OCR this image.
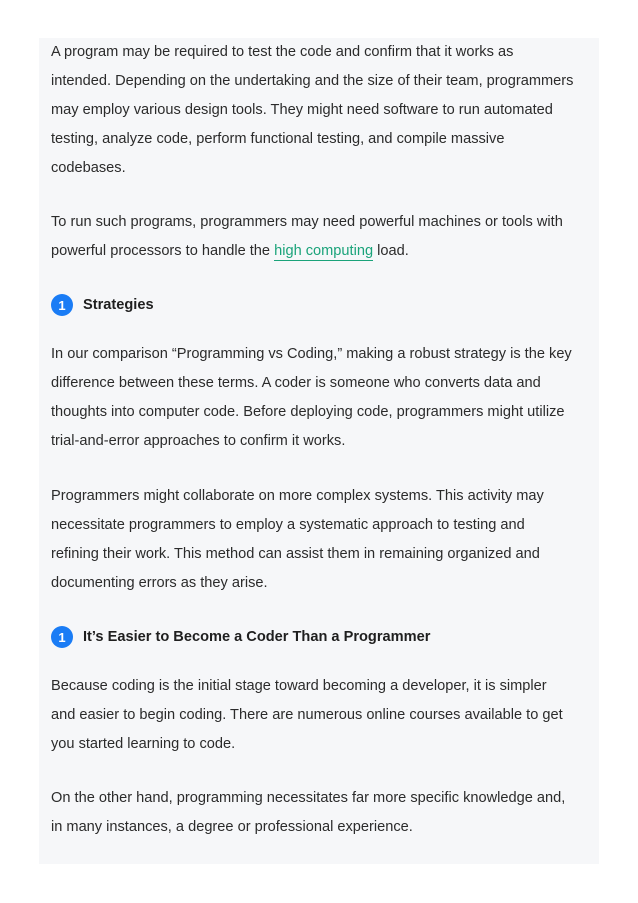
A program may be required to test the code and confirm that it works as
intended. Depending on the undertaking and the size of their team, programmers
may employ various design tools. They might need software to run automated
testing, analyze code, perform functional testing, and compile massive
codebases.

To run such programs, programmers may need powerful machines or tools with
powerful processors to handle the high computing load.

1	Strategies

In our comparison “Programming vs Coding,” making a robust strategy is the key
difference between these terms. A coder is someone who converts data and
thoughts into computer code. Before deploying code, programmers might utilize
trial-and-error approaches to confirm it works.

Programmers might collaborate on more complex systems. This activity may
necessitate programmers to employ a systematic approach to testing and
refining their work. This method can assist them in remaining organized and
documenting errors as they arise.

1	It’s Easier to Become a Coder Than a Programmer

Because coding is the initial stage toward becoming a developer, it is simpler
and easier to begin coding. There are numerous online courses available to get
you started learning to code.

On the other hand, programming necessitates far more specific knowledge and,
in many instances, a degree or professional experience.
